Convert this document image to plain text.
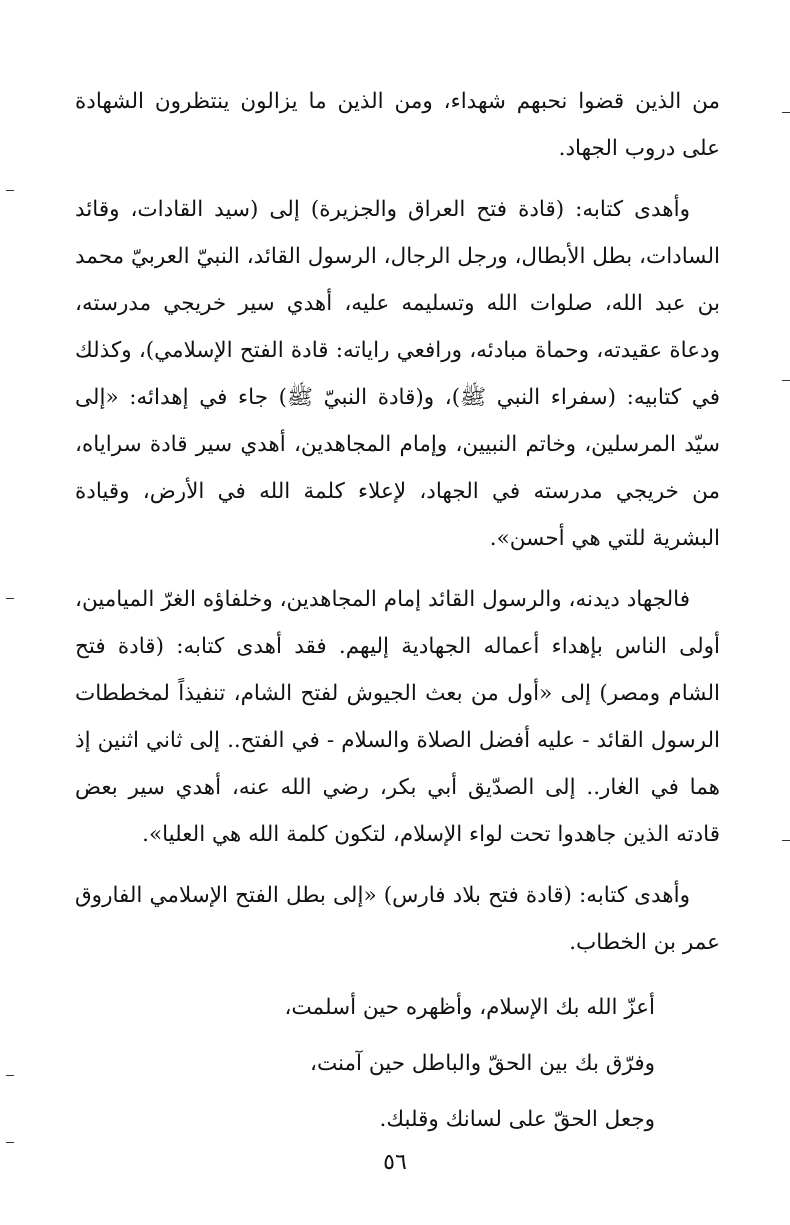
من الذين قضوا نحبهم شهداء، ومن الذين ما يزالون ينتظرون الشهادة على دروب الجهاد.

وأهدى كتابه: (قادة فتح العراق والجزيرة) إلى (سيد القادات، وقائد السادات، بطل الأبطال، ورجل الرجال، الرسول القائد، النبيّ العربيّ محمد بن عبد الله، صلوات الله وتسليمه عليه، أهدي سير خريجي مدرسته، ودعاة عقيدته، وحماة مبادئه، ورافعي راياته: قادة الفتح الإسلامي)، وكذلك في كتابيه: (سفراء النبي ﷺ)، و(قادة النبيّ ﷺ) جاء في إهدائه: «إلى سيّد المرسلين، وخاتم النبيين، وإمام المجاهدين، أهدي سير قادة سراياه، من خريجي مدرسته في الجهاد، لإعلاء كلمة الله في الأرض، وقيادة البشرية للتي هي أحسن».

فالجهاد ديدنه، والرسول القائد إمام المجاهدين، وخلفاؤه الغرّ الميامين، أولى الناس بإهداء أعماله الجهادية إليهم. فقد أهدى كتابه: (قادة فتح الشام ومصر) إلى «أول من بعث الجيوش لفتح الشام، تنفيذاً لمخططات الرسول القائد - عليه أفضل الصلاة والسلام - في الفتح.. إلى ثاني اثنين إذ هما في الغار.. إلى الصدّيق أبي بكر، رضي الله عنه، أهدي سير بعض قادته الذين جاهدوا تحت لواء الإسلام، لتكون كلمة الله هي العليا».

وأهدى كتابه: (قادة فتح بلاد فارس) «إلى بطل الفتح الإسلامي الفاروق عمر بن الخطاب.

أعزّ الله بك الإسلام، وأظهره حين أسلمت،

وفرّق بك بين الحقّ والباطل حين آمنت،

وجعل الحقّ على لسانك وقلبك.

٥٦
